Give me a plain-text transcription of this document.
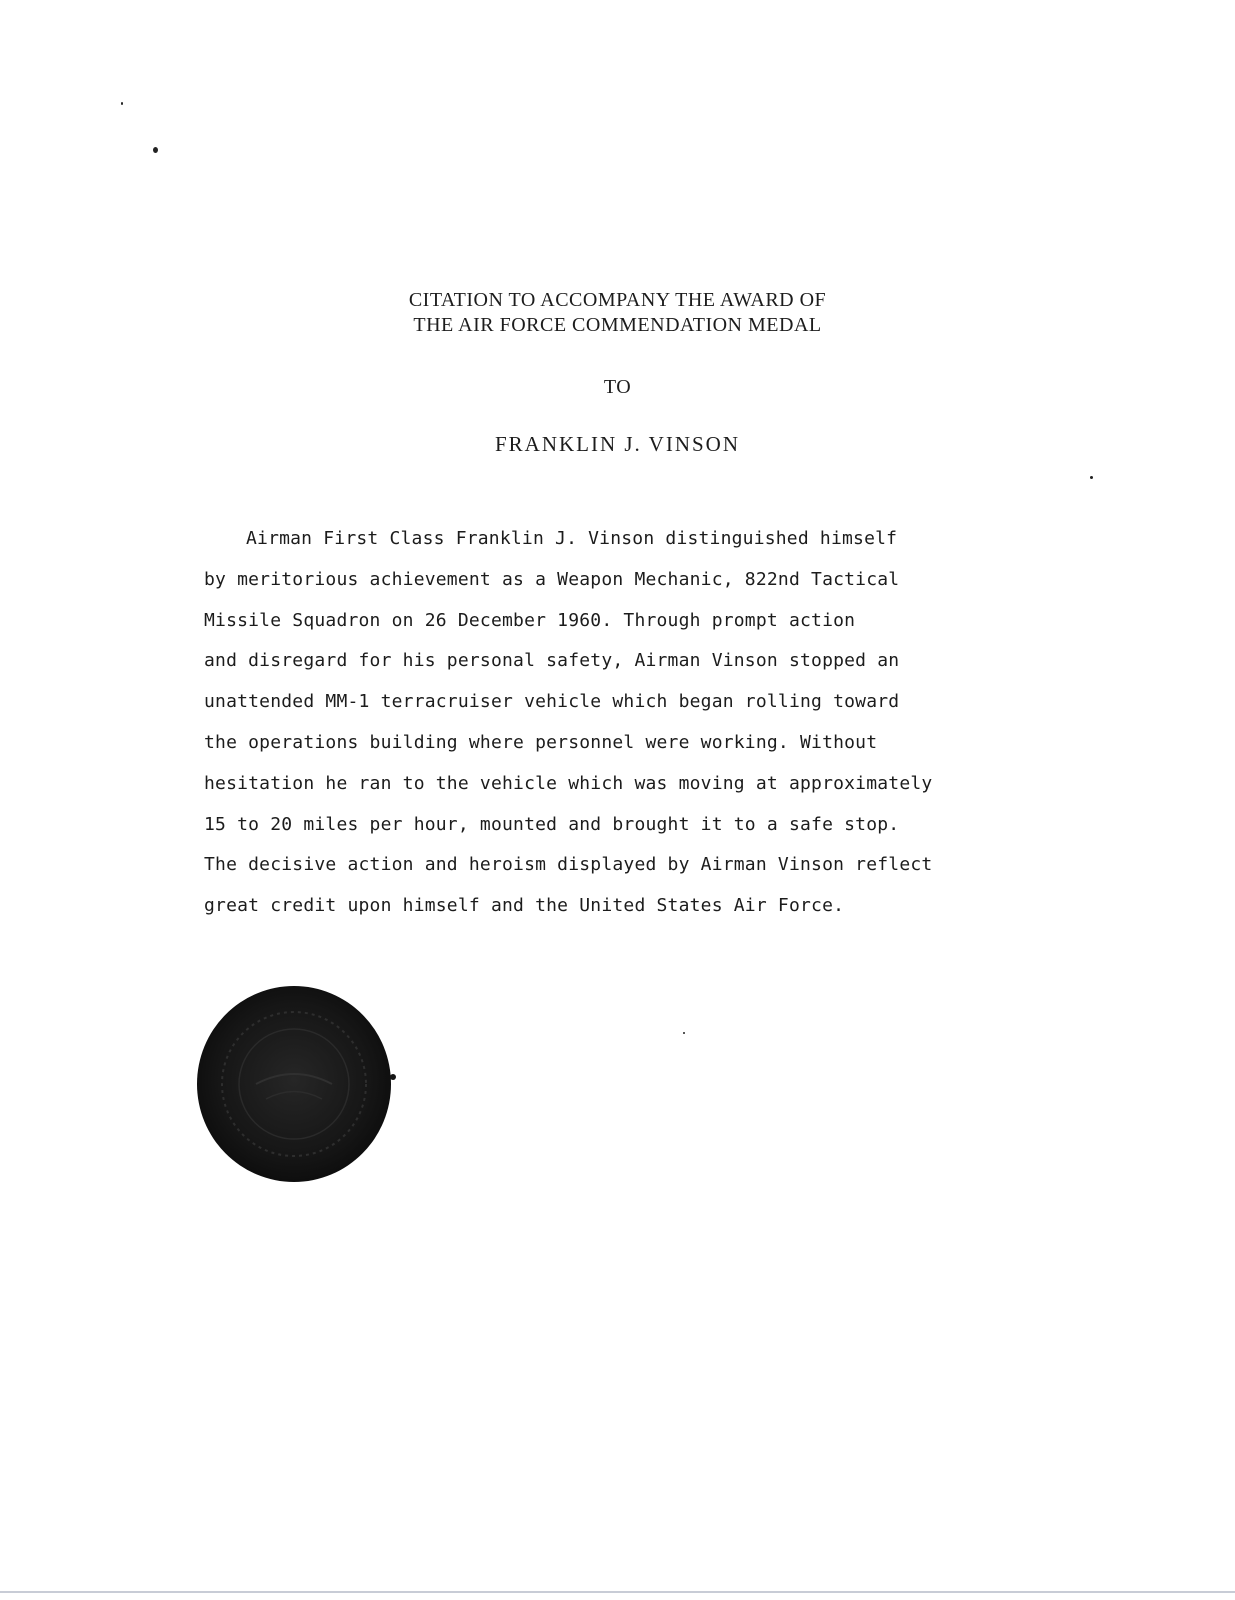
CITATION TO ACCOMPANY THE AWARD OF

THE AIR FORCE COMMENDATION MEDAL

TO
FRANKLIN J. VINSON
Airman First Class Franklin J. Vinson distinguished himself
by meritorious achievement as a Weapon Mechanic, 822nd Tactical
Missile Squadron on 26 December 1960. Through prompt action
and disregard for his personal safety, Airman Vinson stopped an
unattended MM-1 terracruiser vehicle which began rolling toward
the operations building where personnel were working. Without
hesitation he ran to the vehicle which was moving at approximately
15 to 20 miles per hour, mounted and brought it to a safe stop.
The decisive action and heroism displayed by Airman Vinson reflect
great credit upon himself and the United States Air Force.
